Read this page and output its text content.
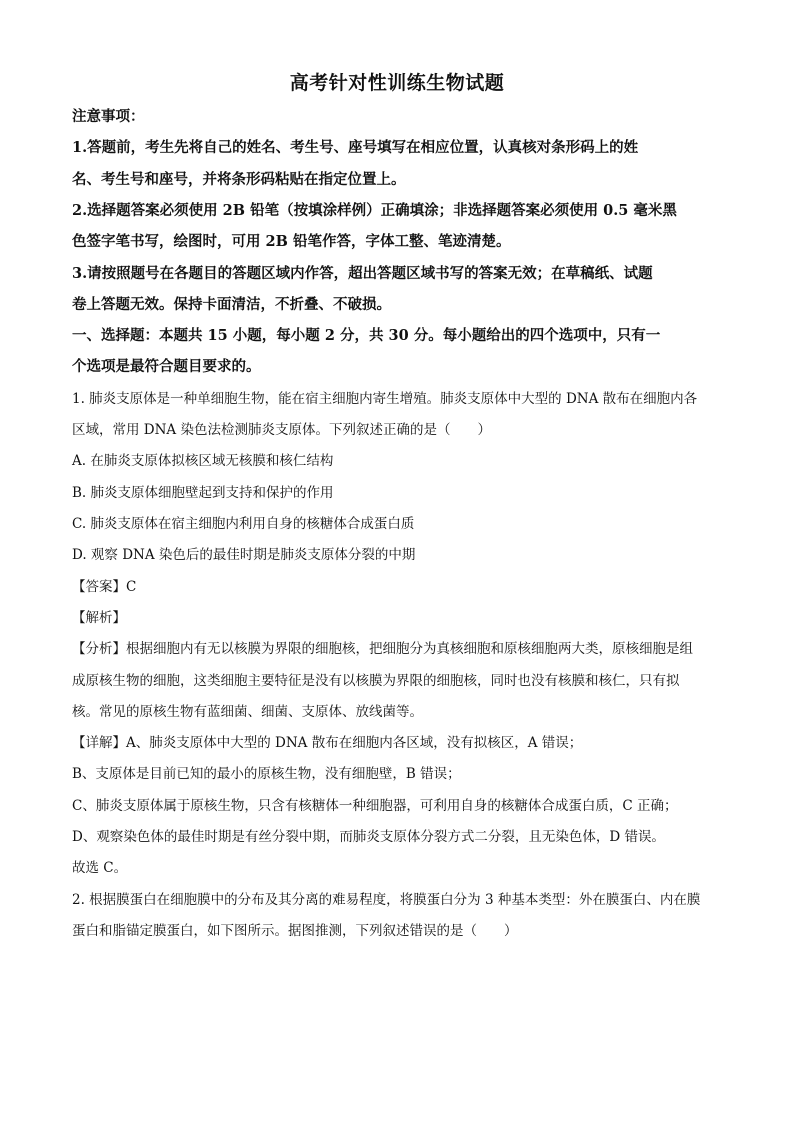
高考针对性训练生物试题
注意事项：
1.答题前，考生先将自己的姓名、考生号、座号填写在相应位置，认真核对条形码上的姓
名、考生号和座号，并将条形码粘贴在指定位置上。
2.选择题答案必须使用 2B 铅笔（按填涂样例）正确填涂；非选择题答案必须使用 0.5 毫米黑
色签字笔书写，绘图时，可用 2B 铅笔作答，字体工整、笔迹清楚。
3.请按照题号在各题目的答题区域内作答，超出答题区域书写的答案无效；在草稿纸、试题
卷上答题无效。保持卡面清洁，不折叠、不破损。
一、选择题：本题共 15 小题，每小题 2 分，共 30 分。每小题给出的四个选项中，只有一
个选项是最符合题目要求的。
1. 肺炎支原体是一种单细胞生物，能在宿主细胞内寄生增殖。肺炎支原体中大型的 DNA 散布在细胞内各
区域，常用 DNA 染色法检测肺炎支原体。下列叙述正确的是（　　）
A. 在肺炎支原体拟核区域无核膜和核仁结构
B. 肺炎支原体细胞壁起到支持和保护的作用
C. 肺炎支原体在宿主细胞内利用自身的核糖体合成蛋白质
D. 观察 DNA 染色后的最佳时期是肺炎支原体分裂的中期
【答案】C
【解析】
【分析】根据细胞内有无以核膜为界限的细胞核，把细胞分为真核细胞和原核细胞两大类，原核细胞是组
成原核生物的细胞，这类细胞主要特征是没有以核膜为界限的细胞核，同时也没有核膜和核仁，只有拟
核。常见的原核生物有蓝细菌、细菌、支原体、放线菌等。
【详解】A、肺炎支原体中大型的 DNA 散布在细胞内各区域，没有拟核区，A 错误；
B、支原体是目前已知的最小的原核生物，没有细胞壁，B 错误；
C、肺炎支原体属于原核生物，只含有核糖体一种细胞器，可利用自身的核糖体合成蛋白质，C 正确；
D、观察染色体的最佳时期是有丝分裂中期，而肺炎支原体分裂方式二分裂，且无染色体，D 错误。
故选 C。
2. 根据膜蛋白在细胞膜中的分布及其分离的难易程度，将膜蛋白分为 3 种基本类型：外在膜蛋白、内在膜
蛋白和脂锚定膜蛋白，如下图所示。据图推测，下列叙述错误的是（　　）
